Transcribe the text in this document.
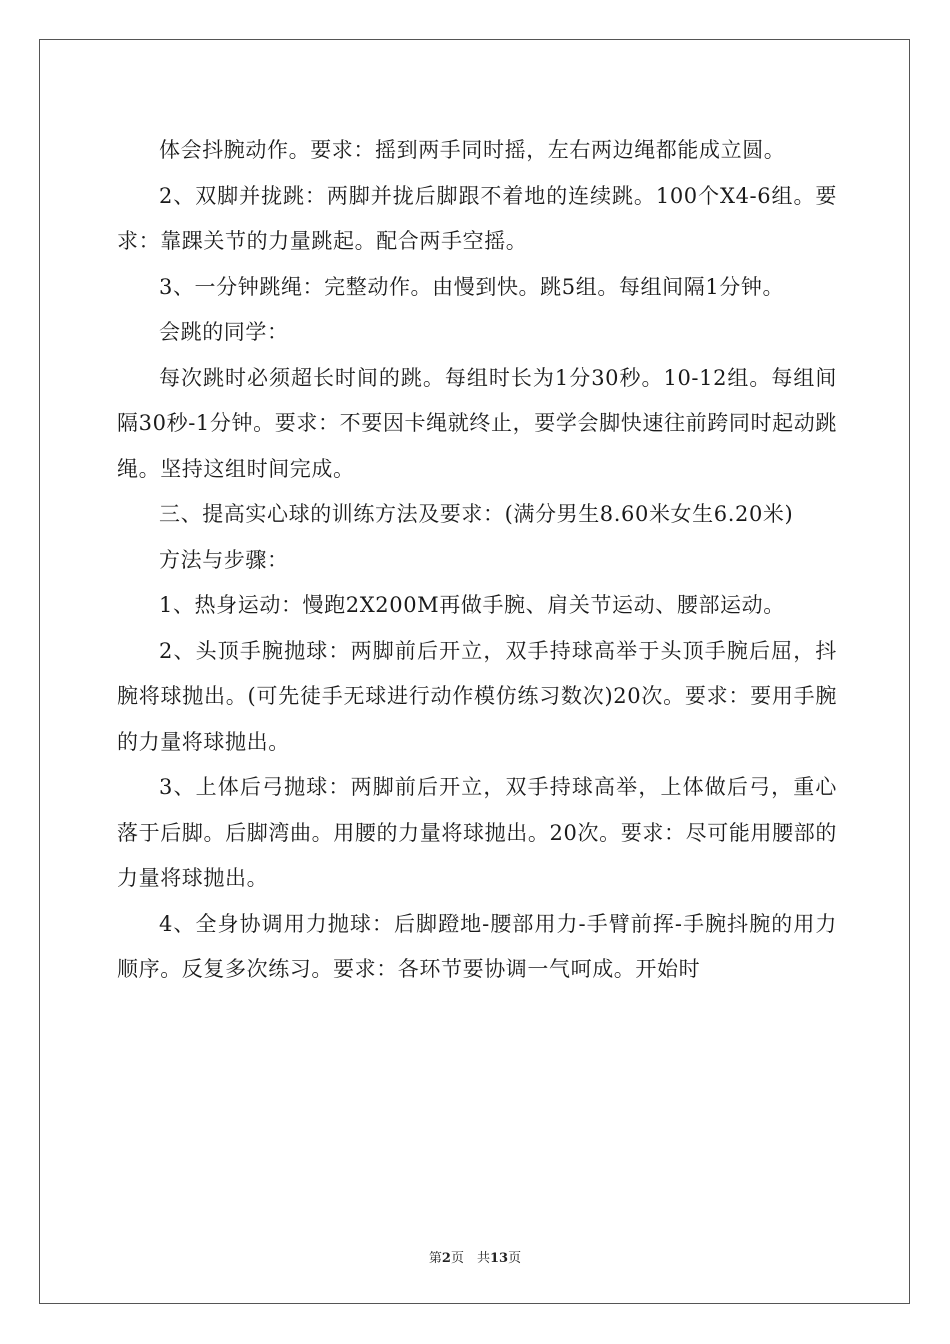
体会抖腕动作。要求：摇到两手同时摇，左右两边绳都能成立圆。

2、双脚并拢跳：两脚并拢后脚跟不着地的连续跳。100个X4-6组。要求：靠踝关节的力量跳起。配合两手空摇。

3、一分钟跳绳：完整动作。由慢到快。跳5组。每组间隔1分钟。

会跳的同学：

每次跳时必须超长时间的跳。每组时长为1分30秒。10-12组。每组间隔30秒-1分钟。要求：不要因卡绳就终止，要学会脚快速往前跨同时起动跳绳。坚持这组时间完成。

三、提高实心球的训练方法及要求：(满分男生8.60米女生6.20米)

方法与步骤：

1、热身运动：慢跑2X200M再做手腕、肩关节运动、腰部运动。

2、头顶手腕抛球：两脚前后开立，双手持球高举于头顶手腕后屈，抖腕将球抛出。(可先徒手无球进行动作模仿练习数次)20次。要求：要用手腕的力量将球抛出。

3、上体后弓抛球：两脚前后开立，双手持球高举，上体做后弓，重心落于后脚。后脚湾曲。用腰的力量将球抛出。20次。要求：尽可能用腰部的力量将球抛出。

4、全身协调用力抛球：后脚蹬地-腰部用力-手臂前挥-手腕抖腕的用力顺序。反复多次练习。要求：各环节要协调一气呵成。开始时

第2页　共13页
